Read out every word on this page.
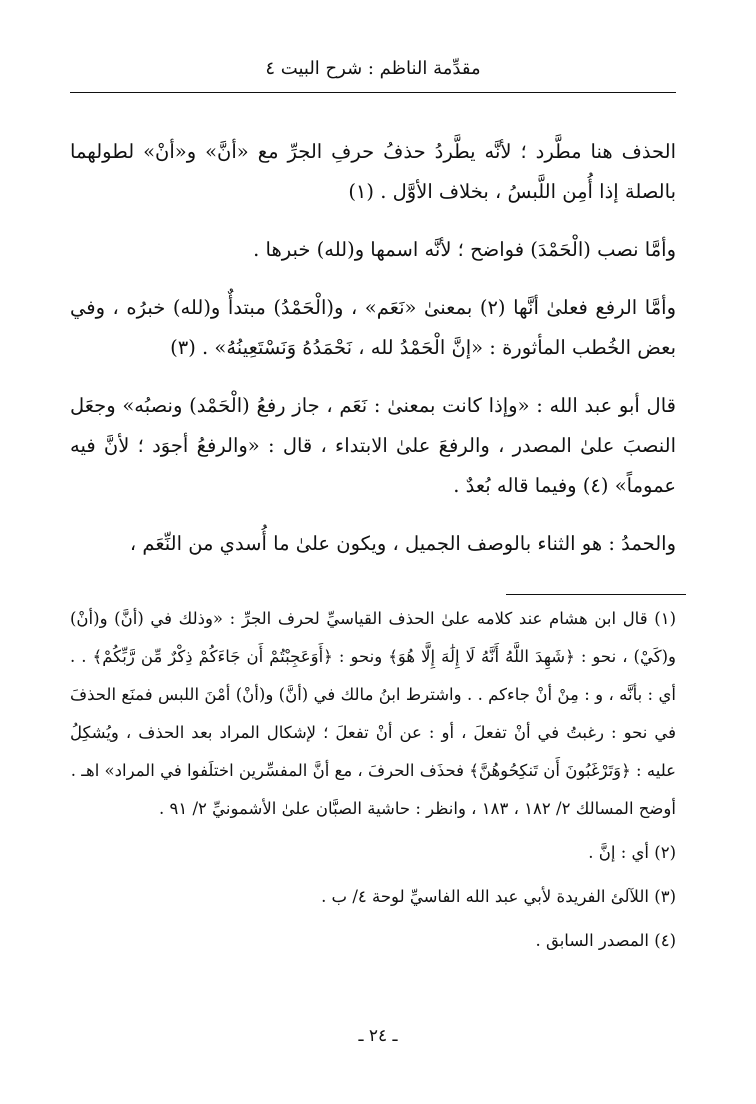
مقدِّمة الناظم : شرح البيت ٤

الحذف هنا مطَّرد ؛ لأنَّه يطَّردُ حذفُ حرفِ الجرِّ مع «أنَّ» و«أنْ» لطولهما بالصلة إذا أُمِن اللَّبسُ ، بخلاف الأوَّل . (١)

وأمَّا نصب (الْحَمْدَ) فواضح ؛ لأنَّه اسمها و(لله) خبرها .

وأمَّا الرفع فعلىٰ أنَّها (٢) بمعنىٰ «نَعَم» ، و(الْحَمْدُ) مبتدأٌ و(لله) خبرُه ، وفي بعض الخُطب المأثورة : «إنَّ الْحَمْدُ لله ، نَحْمَدُهُ وَنَسْتَعِينُهُ» . (٣)

قال أبو عبد الله : «وإذا كانت بمعنىٰ : نَعَم ، جاز رفعُ (الْحَمْد) ونصبُه» وجعَل النصبَ علىٰ المصدر ، والرفعَ علىٰ الابتداء ، قال : «والرفعُ أجوَد ؛ لأنَّ فيه عموماً» (٤) وفيما قاله بُعدٌ .

والحمدُ : هو الثناء بالوصف الجميل ، ويكون علىٰ ما أُسدي من النِّعَم ،

(١) قال ابن هشام عند كلامه علىٰ الحذف القياسيِّ لحرف الجرِّ : «وذلك في (أنَّ) و(أنْ) و(كَيْ) ، نحو : ﴿شَهِدَ اللَّهُ أَنَّهُ لَا إِلَٰهَ إِلَّا هُوَ﴾ ونحو : ﴿أَوَعَجِبْتُمْ أَن جَاءَكُمْ ذِكْرٌ مِّن رَّبِّكُمْ﴾ . . أي : بأنَّه ، و : مِنْ أنْ جاءكم . . واشترط ابنُ مالك في (أنَّ) و(أنْ) أمْنَ اللبس فمنَع الحذفَ في نحو : رغبتُ في أنْ تفعلَ ، أو : عن أنْ تفعلَ ؛ لإشكال المراد بعد الحذف ، ويُشكِلُ عليه : ﴿وَتَرْغَبُونَ أَن تَنكِحُوهُنَّ﴾ فحذَف الحرفَ ، مع أنَّ المفسِّرين اختلَفوا في المراد» اهـ .

أوضح المسالك ٢/ ١٨٢ ، ١٨٣ ، وانظر : حاشية الصبَّان علىٰ الأشمونيِّ ٢/ ٩١ .

(٢) أي : إنَّ .

(٣) اللآلئ الفريدة لأبي عبد الله الفاسيِّ لوحة ٤/ ب .

(٤) المصدر السابق .

ـ ٢٤ ـ
